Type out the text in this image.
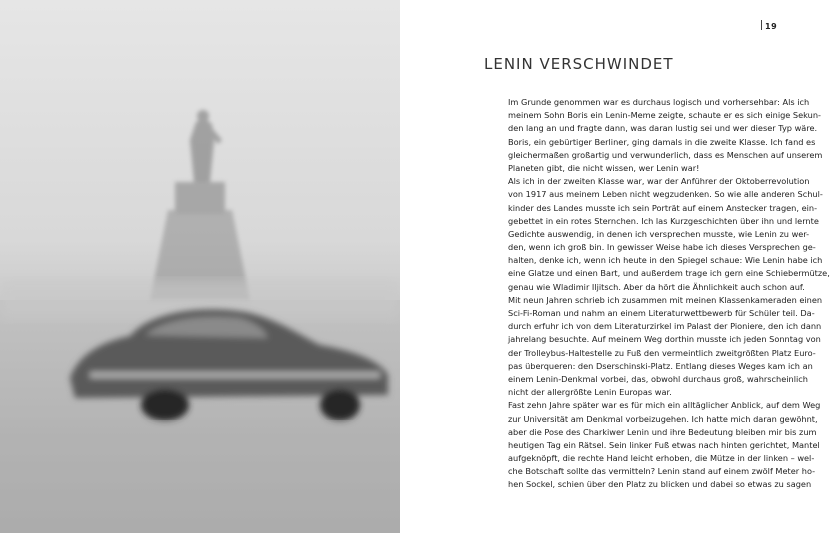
19
LENIN VERSCHWINDET
Im Grunde genommen war es durchaus logisch und vorhersehbar: Als ich
meinem Sohn Boris ein Lenin-Meme zeigte, schaute er es sich einige Sekun-
den lang an und fragte dann, was daran lustig sei und wer dieser Typ wäre.
Boris, ein gebürtiger Berliner, ging damals in die zweite Klasse. Ich fand es
gleichermaßen großartig und verwunderlich, dass es Menschen auf unserem
Planeten gibt, die nicht wissen, wer Lenin war!
Als ich in der zweiten Klasse war, war der Anführer der Oktoberrevolution
von 1917 aus meinem Leben nicht wegzudenken. So wie alle anderen Schul-
kinder des Landes musste ich sein Porträt auf einem Anstecker tragen, ein-
gebettet in ein rotes Sternchen. Ich las Kurzgeschichten über ihn und lernte
Gedichte auswendig, in denen ich versprechen musste, wie Lenin zu wer-
den, wenn ich groß bin. In gewisser Weise habe ich dieses Versprechen ge-
halten, denke ich, wenn ich heute in den Spiegel schaue: Wie Lenin habe ich
eine Glatze und einen Bart, und außerdem trage ich gern eine Schiebermütze,
genau wie Wladimir Iljitsch. Aber da hört die Ähnlichkeit auch schon auf.
Mit neun Jahren schrieb ich zusammen mit meinen Klassenkameraden einen
Sci-Fi-Roman und nahm an einem Literaturwettbewerb für Schüler teil. Da-
durch erfuhr ich von dem Literaturzirkel im Palast der Pioniere, den ich dann
jahrelang besuchte. Auf meinem Weg dorthin musste ich jeden Sonntag von
der Trolleybus-Haltestelle zu Fuß den vermeintlich zweitgrößten Platz Euro-
pas überqueren: den Dserschinski-Platz. Entlang dieses Weges kam ich an
einem Lenin-Denkmal vorbei, das, obwohl durchaus groß, wahrscheinlich
nicht der allergrößte Lenin Europas war.
Fast zehn Jahre später war es für mich ein alltäglicher Anblick, auf dem Weg
zur Universität am Denkmal vorbeizugehen. Ich hatte mich daran gewöhnt,
aber die Pose des Charkiwer Lenin und ihre Bedeutung bleiben mir bis zum
heutigen Tag ein Rätsel. Sein linker Fuß etwas nach hinten gerichtet, Mantel
aufgeknöpft, die rechte Hand leicht erhoben, die Mütze in der linken – wel-
che Botschaft sollte das vermitteln? Lenin stand auf einem zwölf Meter ho-
hen Sockel, schien über den Platz zu blicken und dabei so etwas zu sagen
